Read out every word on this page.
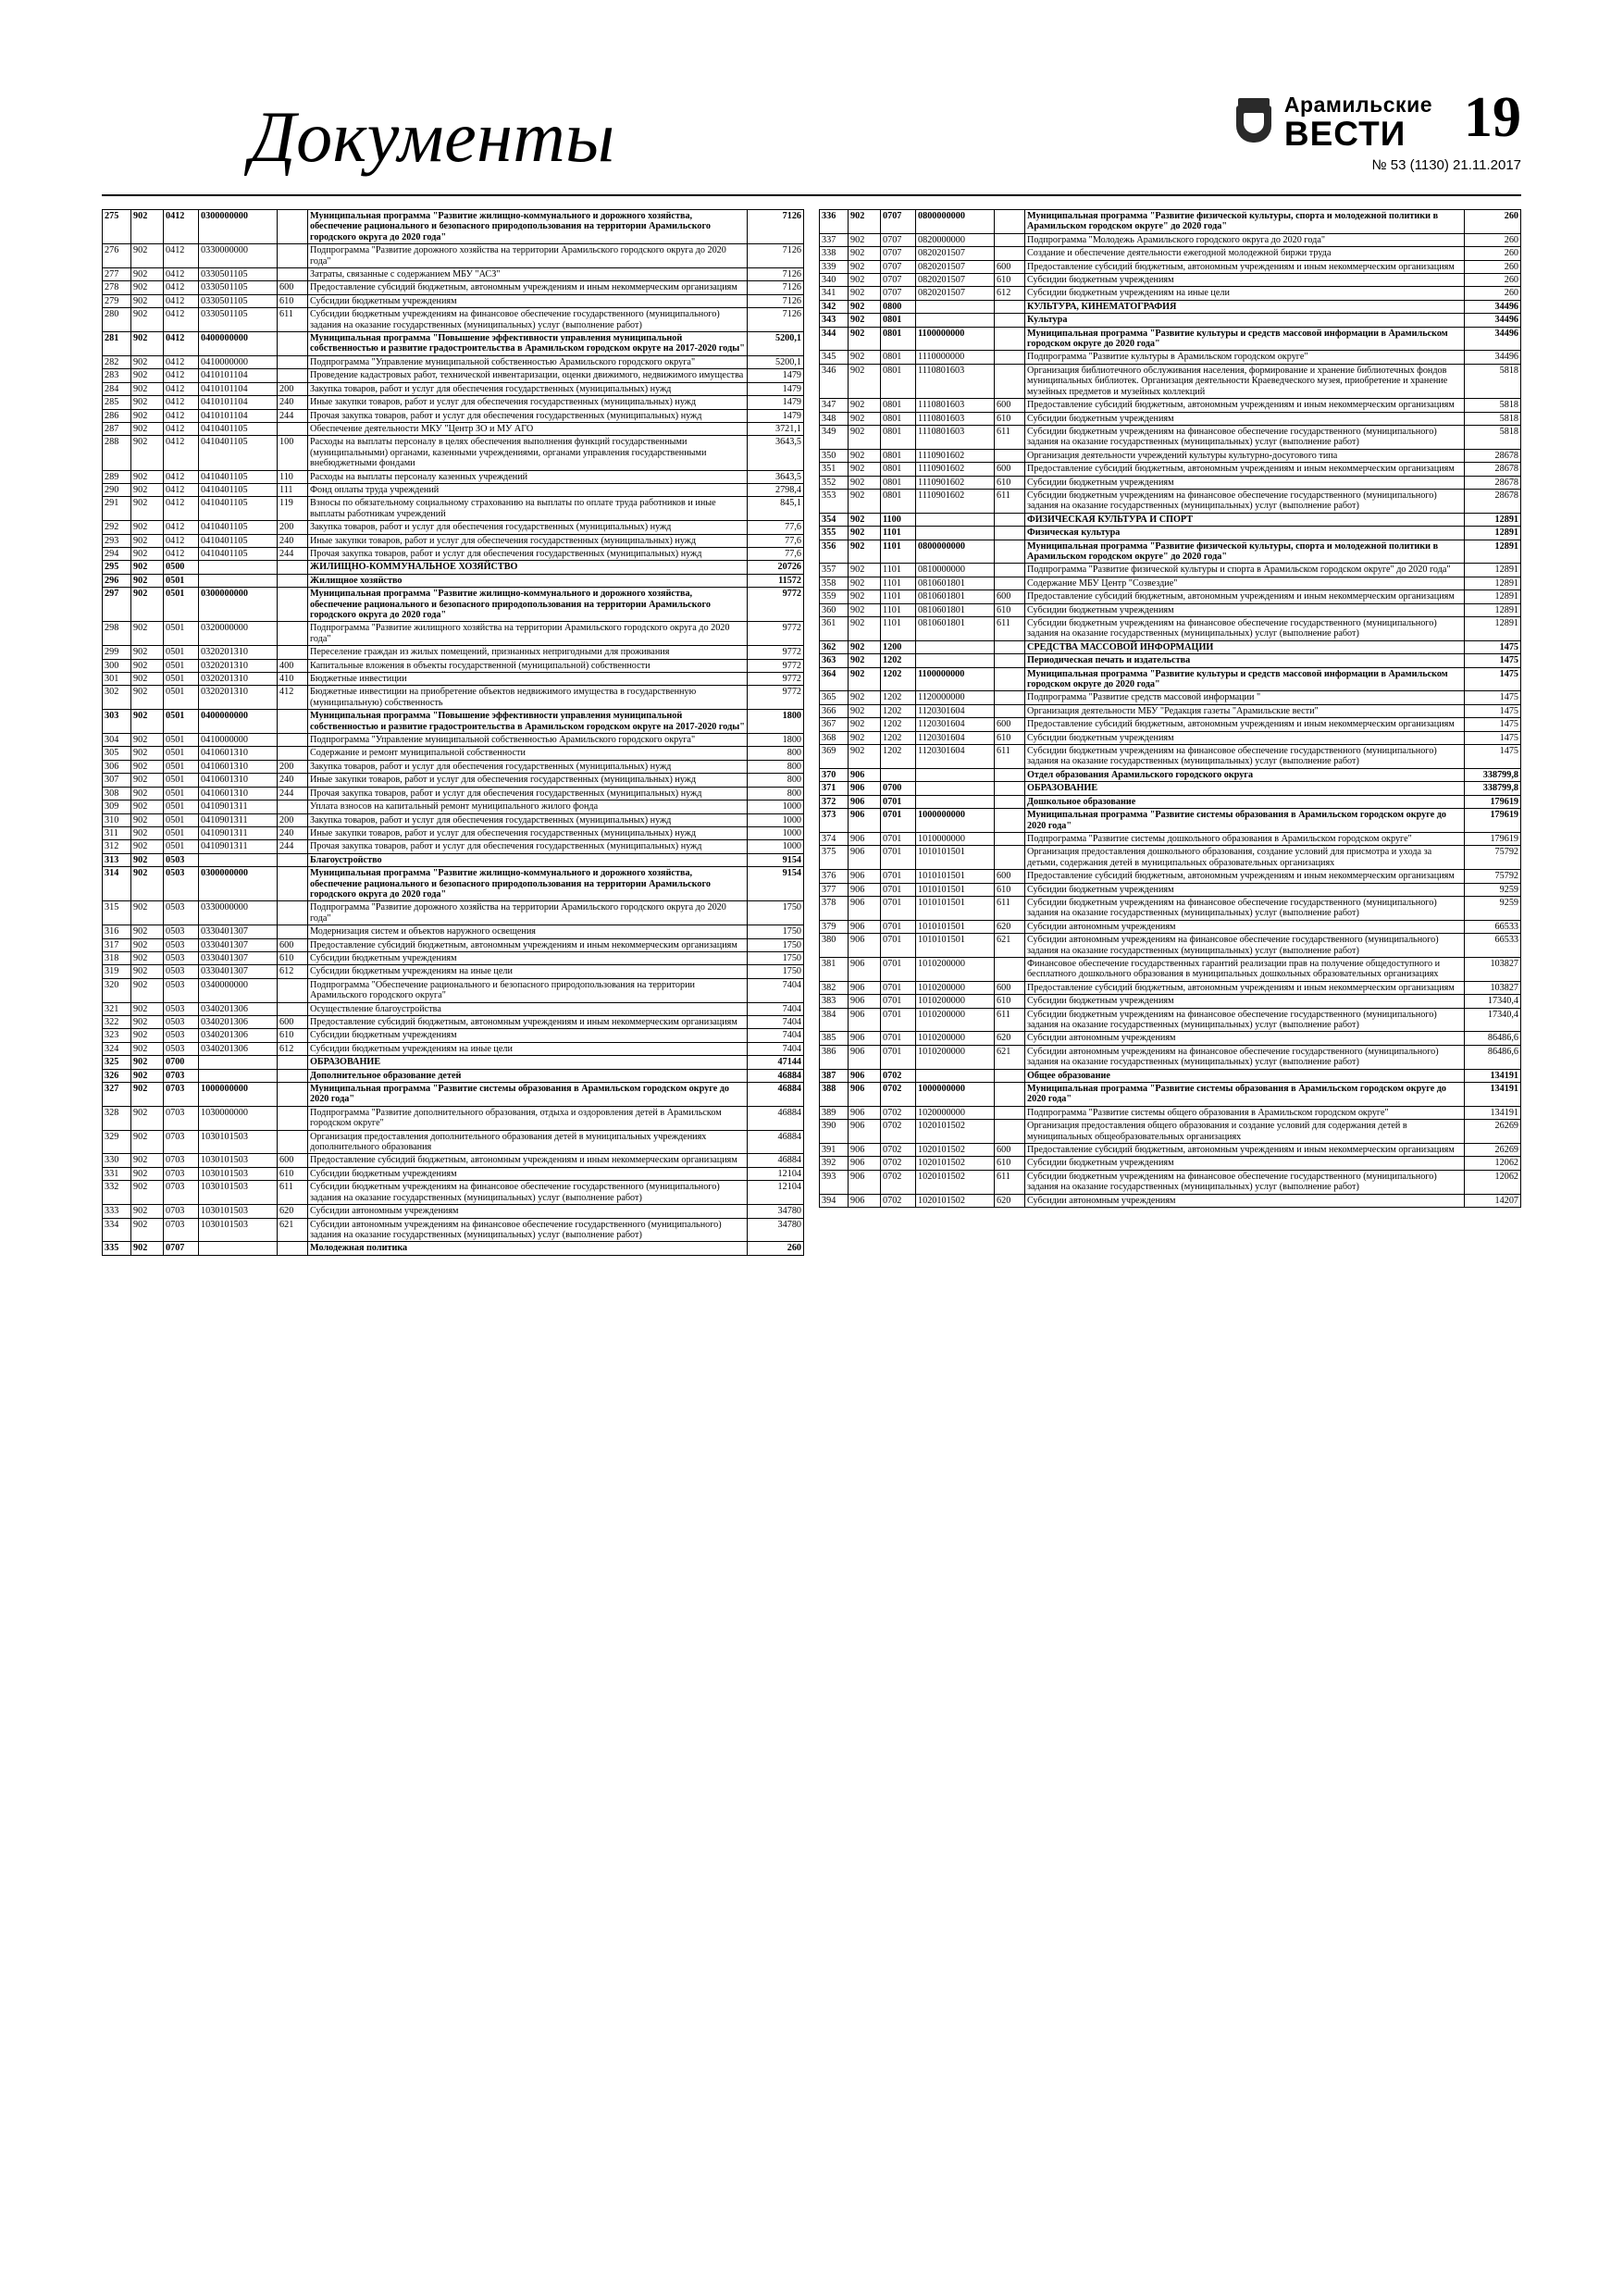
Документы	Арамильские
ВЕСТИ	19
№ 53 (1130) 21.11.2017
275	902	0412	0300000000		Муниципальная программа "Развитие жилищно-коммунального и дорожного хозяйства, обеспечение рационального и безопасного природопользования на территории Арамильского городского округа до 2020 года"	7126
276	902	0412	0330000000		Подпрограмма "Развитие дорожного хозяйства на территории Арамильского городского округа до 2020 года"	7126
277	902	0412	0330501105		Затраты, связанные с содержанием МБУ "АСЗ"	7126
278	902	0412	0330501105	600	Предоставление субсидий бюджетным, автономным учреждениям и иным некоммерческим организациям	7126
279	902	0412	0330501105	610	Субсидии бюджетным учреждениям	7126
280	902	0412	0330501105	611	Субсидии бюджетным учреждениям на финансовое обеспечение государственного (муниципального) задания на оказание государственных (муниципальных) услуг (выполнение работ)	7126
281	902	0412	0400000000		Муниципальная программа "Повышение эффективности управления муниципальной собственностью и развитие градостроительства в Арамильском городском округе на 2017-2020 годы"	5200,1
282	902	0412	0410000000		Подпрограмма "Управление муниципальной собственностью Арамильского городского округа"	5200,1
283	902	0412	0410101104		Проведение кадастровых работ, технической инвентаризации, оценки движимого, недвижимого имущества	1479
284	902	0412	0410101104	200	Закупка товаров, работ и услуг для обеспечения государственных (муниципальных) нужд	1479
285	902	0412	0410101104	240	Иные закупки товаров, работ и услуг для обеспечения государственных (муниципальных) нужд	1479
286	902	0412	0410101104	244	Прочая закупка товаров, работ и услуг для обеспечения государственных (муниципальных) нужд	1479
287	902	0412	0410401105		Обеспечение деятельности МКУ "Центр ЗО и МУ АГО	3721,1
288	902	0412	0410401105	100	Расходы на выплаты персоналу в целях обеспечения выполнения функций государственными (муниципальными) органами, казенными учреждениями, органами управления государственными внебюджетными фондами	3643,5
289	902	0412	0410401105	110	Расходы на выплаты персоналу казенных учреждений	3643,5
290	902	0412	0410401105	111	Фонд оплаты труда учреждений	2798,4
291	902	0412	0410401105	119	Взносы по обязательному социальному страхованию на выплаты по оплате труда работников и иные выплаты работникам учреждений	845,1
292	902	0412	0410401105	200	Закупка товаров, работ и услуг для обеспечения государственных (муниципальных) нужд	77,6
293	902	0412	0410401105	240	Иные закупки товаров, работ и услуг для обеспечения государственных (муниципальных) нужд	77,6
294	902	0412	0410401105	244	Прочая закупка товаров, работ и услуг для обеспечения государственных (муниципальных) нужд	77,6
295	902	0500			ЖИЛИЩНО-КОММУНАЛЬНОЕ ХОЗЯЙСТВО	20726
296	902	0501			Жилищное хозяйство	11572
297	902	0501	0300000000		Муниципальная программа "Развитие жилищно-коммунального и дорожного хозяйства, обеспечение рационального и безопасного природопользования на территории Арамильского городского округа до 2020 года"	9772
298	902	0501	0320000000		Подпрограмма "Развитие жилищного хозяйства на территории Арамильского городского округа до 2020 года"	9772
299	902	0501	0320201310		Переселение граждан из жилых помещений, признанных непригодными для проживания	9772
300	902	0501	0320201310	400	Капитальные вложения в объекты государственной (муниципальной) собственности	9772
301	902	0501	0320201310	410	Бюджетные инвестиции	9772
302	902	0501	0320201310	412	Бюджетные инвестиции на приобретение объектов недвижимого имущества в государственную (муниципальную) собственность	9772
303	902	0501	0400000000		Муниципальная программа "Повышение эффективности управления муниципальной собственностью и развитие градостроительства в Арамильском городском округе на 2017-2020 годы"	1800
304	902	0501	0410000000		Подпрограмма "Управление муниципальной собственностью Арамильского городского округа"	1800
305	902	0501	0410601310		Содержание и ремонт муниципальной собственности	800
306	902	0501	0410601310	200	Закупка товаров, работ и услуг для обеспечения государственных (муниципальных) нужд	800
307	902	0501	0410601310	240	Иные закупки товаров, работ и услуг для обеспечения государственных (муниципальных) нужд	800
308	902	0501	0410601310	244	Прочая закупка товаров, работ и услуг для обеспечения государственных (муниципальных) нужд	800
309	902	0501	0410901311		Уплата взносов на капитальный ремонт муниципального жилого фонда	1000
310	902	0501	0410901311	200	Закупка товаров, работ и услуг для обеспечения государственных (муниципальных) нужд	1000
311	902	0501	0410901311	240	Иные закупки товаров, работ и услуг для обеспечения государственных (муниципальных) нужд	1000
312	902	0501	0410901311	244	Прочая закупка товаров, работ и услуг для обеспечения государственных (муниципальных) нужд	1000
313	902	0503			Благоустройство	9154
314	902	0503	0300000000		Муниципальная программа "Развитие жилищно-коммунального и дорожного хозяйства, обеспечение рационального и безопасного природопользования на территории Арамильского городского округа до 2020 года"	9154
315	902	0503	0330000000		Подпрограмма "Развитие дорожного хозяйства на территории Арамильского городского округа до 2020 года"	1750
316	902	0503	0330401307		Модернизация систем и объектов наружного освещения	1750
317	902	0503	0330401307	600	Предоставление субсидий бюджетным, автономным учреждениям и иным некоммерческим организациям	1750
318	902	0503	0330401307	610	Субсидии бюджетным учреждениям	1750
319	902	0503	0330401307	612	Субсидии бюджетным учреждениям на иные цели	1750
320	902	0503	0340000000		Подпрограмма "Обеспечение рационального и безопасного природопользования на территории Арамильского городского округа"	7404
321	902	0503	0340201306		Осуществление благоустройства	7404
322	902	0503	0340201306	600	Предоставление субсидий бюджетным, автономным учреждениям и иным некоммерческим организациям	7404
323	902	0503	0340201306	610	Субсидии бюджетным учреждениям	7404
324	902	0503	0340201306	612	Субсидии бюджетным учреждениям на иные цели	7404
325	902	0700			ОБРАЗОВАНИЕ	47144
326	902	0703			Дополнительное образование детей	46884
327	902	0703	1000000000		Муниципальная программа "Развитие системы образования в Арамильском городском округе до 2020 года"	46884
328	902	0703	1030000000		Подпрограмма "Развитие дополнительного образования, отдыха и оздоровления детей в Арамильском городском округе"	46884
329	902	0703	1030101503		Организация предоставления дополнительного образования детей в муниципальных учреждениях дополнительного образования	46884
330	902	0703	1030101503	600	Предоставление субсидий бюджетным, автономным учреждениям и иным некоммерческим организациям	46884
331	902	0703	1030101503	610	Субсидии бюджетным учреждениям	12104
332	902	0703	1030101503	611	Субсидии бюджетным учреждениям на финансовое обеспечение государственного (муниципального) задания на оказание государственных (муниципальных) услуг (выполнение работ)	12104
333	902	0703	1030101503	620	Субсидии автономным учреждениям	34780
334	902	0703	1030101503	621	Субсидии автономным учреждениям на финансовое обеспечение государственного (муниципального) задания на оказание государственных (муниципальных) услуг (выполнение работ)	34780
335	902	0707			Молодежная политика	260
336	902	0707	0800000000		Муниципальная программа "Развитие физической культуры, спорта и молодежной политики в Арамильском городском округе" до 2020 года"	260
337	902	0707	0820000000		Подпрограмма "Молодежь Арамильского городского округа до 2020 года"	260
338	902	0707	0820201507		Создание и обеспечение деятельности ежегодной молодежной биржи труда	260
339	902	0707	0820201507	600	Предоставление субсидий бюджетным, автономным учреждениям и иным некоммерческим организациям	260
340	902	0707	0820201507	610	Субсидии бюджетным учреждениям	260
341	902	0707	0820201507	612	Субсидии бюджетным учреждениям на иные цели	260
342	902	0800			КУЛЬТУРА, КИНЕМАТОГРАФИЯ	34496
343	902	0801			Культура	34496
344	902	0801	1100000000		Муниципальная программа "Развитие культуры и средств массовой информации в Арамильском городском округе до 2020 года"	34496
345	902	0801	1110000000		Подпрограмма "Развитие культуры в Арамильском городском округе"	34496
346	902	0801	1110801603		Организация библиотечного обслуживания населения, формирование и хранение библиотечных фондов муниципальных библиотек. Организация деятельности Краеведческого музея, приобретение и хранение музейных предметов и музейных коллекций	5818
347	902	0801	1110801603	600	Предоставление субсидий бюджетным, автономным учреждениям и иным некоммерческим организациям	5818
348	902	0801	1110801603	610	Субсидии бюджетным учреждениям	5818
349	902	0801	1110801603	611	Субсидии бюджетным учреждениям на финансовое обеспечение государственного (муниципального) задания на оказание государственных (муниципальных) услуг (выполнение работ)	5818
350	902	0801	1110901602		Организация деятельности учреждений культуры культурно-досугового типа	28678
351	902	0801	1110901602	600	Предоставление субсидий бюджетным, автономным учреждениям и иным некоммерческим организациям	28678
352	902	0801	1110901602	610	Субсидии бюджетным учреждениям	28678
353	902	0801	1110901602	611	Субсидии бюджетным учреждениям на финансовое обеспечение государственного (муниципального) задания на оказание государственных (муниципальных) услуг (выполнение работ)	28678
354	902	1100			ФИЗИЧЕСКАЯ КУЛЬТУРА И СПОРТ	12891
355	902	1101			Физическая культура	12891
356	902	1101	0800000000		Муниципальная программа "Развитие физической культуры, спорта и молодежной политики в Арамильском городском округе" до 2020 года"	12891
357	902	1101	0810000000		Подпрограмма "Развитие физической культуры и спорта в Арамильском городском округе" до 2020 года"	12891
358	902	1101	0810601801		Содержание МБУ Центр "Созвездие"	12891
359	902	1101	0810601801	600	Предоставление субсидий бюджетным, автономным учреждениям и иным некоммерческим организациям	12891
360	902	1101	0810601801	610	Субсидии бюджетным учреждениям	12891
361	902	1101	0810601801	611	Субсидии бюджетным учреждениям на финансовое обеспечение государственного (муниципального) задания на оказание государственных (муниципальных) услуг (выполнение работ)	12891
362	902	1200			СРЕДСТВА МАССОВОЙ ИНФОРМАЦИИ	1475
363	902	1202			Периодическая печать и издательства	1475
364	902	1202	1100000000		Муниципальная программа "Развитие культуры и средств массовой информации в Арамильском городском округе до 2020 года"	1475
365	902	1202	1120000000		Подпрограмма "Развитие средств массовой информации "	1475
366	902	1202	1120301604		Организация деятельности МБУ "Редакция газеты "Арамильские вести"	1475
367	902	1202	1120301604	600	Предоставление субсидий бюджетным, автономным учреждениям и иным некоммерческим организациям	1475
368	902	1202	1120301604	610	Субсидии бюджетным учреждениям	1475
369	902	1202	1120301604	611	Субсидии бюджетным учреждениям на финансовое обеспечение государственного (муниципального) задания на оказание государственных (муниципальных) услуг (выполнение работ)	1475
370	906				Отдел образования Арамильского городского округа	338799,8
371	906	0700			ОБРАЗОВАНИЕ	338799,8
372	906	0701			Дошкольное образование	179619
373	906	0701	1000000000		Муниципальная программа "Развитие системы образования в Арамильском городском округе до 2020 года"	179619
374	906	0701	1010000000		Подпрограмма "Развитие системы дошкольного образования в Арамильском городском округе"	179619
375	906	0701	1010101501		Организация предоставления дошкольного образования, создание условий для присмотра и ухода за детьми, содержания детей в муниципальных образовательных организациях	75792
376	906	0701	1010101501	600	Предоставление субсидий бюджетным, автономным учреждениям и иным некоммерческим организациям	75792
377	906	0701	1010101501	610	Субсидии бюджетным учреждениям	9259
378	906	0701	1010101501	611	Субсидии бюджетным учреждениям на финансовое обеспечение государственного (муниципального) задания на оказание государственных (муниципальных) услуг (выполнение работ)	9259
379	906	0701	1010101501	620	Субсидии автономным учреждениям	66533
380	906	0701	1010101501	621	Субсидии автономным учреждениям на финансовое обеспечение государственного (муниципального) задания на оказание государственных (муниципальных) услуг (выполнение работ)	66533
381	906	0701	1010200000		Финансовое обеспечение государственных гарантий реализации прав на получение общедоступного и бесплатного дошкольного образования в муниципальных дошкольных образовательных организациях	103827
382	906	0701	1010200000	600	Предоставление субсидий бюджетным, автономным учреждениям и иным некоммерческим организациям	103827
383	906	0701	1010200000	610	Субсидии бюджетным учреждениям	17340,4
384	906	0701	1010200000	611	Субсидии бюджетным учреждениям на финансовое обеспечение государственного (муниципального) задания на оказание государственных (муниципальных) услуг (выполнение работ)	17340,4
385	906	0701	1010200000	620	Субсидии автономным учреждениям	86486,6
386	906	0701	1010200000	621	Субсидии автономным учреждениям на финансовое обеспечение государственного (муниципального) задания на оказание государственных (муниципальных) услуг (выполнение работ)	86486,6
387	906	0702			Общее образование	134191
388	906	0702	1000000000		Муниципальная программа "Развитие системы образования в Арамильском городском округе до 2020 года"	134191
389	906	0702	1020000000		Подпрограмма "Развитие системы общего образования в Арамильском городском округе"	134191
390	906	0702	1020101502		Организация предоставления общего образования и создание условий для содержания детей в муниципальных общеобразовательных организациях	26269
391	906	0702	1020101502	600	Предоставление субсидий бюджетным, автономным учреждениям и иным некоммерческим организациям	26269
392	906	0702	1020101502	610	Субсидии бюджетным учреждениям	12062
393	906	0702	1020101502	611	Субсидии бюджетным учреждениям на финансовое обеспечение государственного (муниципального) задания на оказание государственных (муниципальных) услуг (выполнение работ)	12062
394	906	0702	1020101502	620	Субсидии автономным учреждениям	14207
